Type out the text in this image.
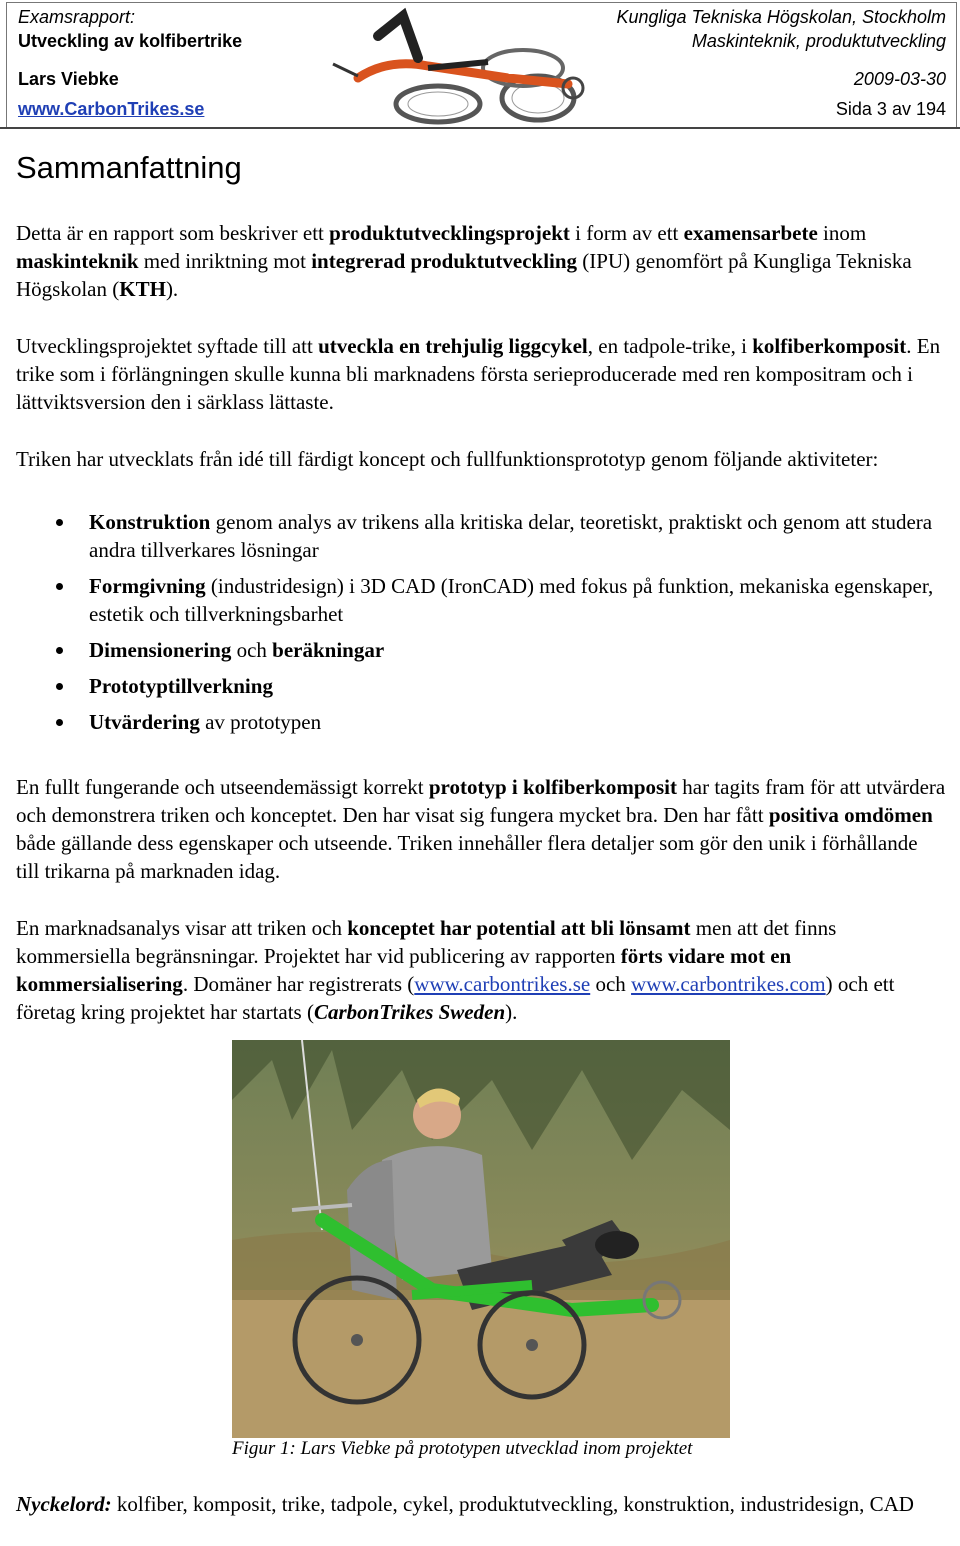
Examsrapport:
Utveckling av kolfibertrike
Lars Viebke
www.CarbonTrikes.se
Kungliga Tekniska Högskolan, Stockholm
Maskinteknik, produktutveckling
2009-03-30
Sida 3 av 194
Sammanfattning

Detta är en rapport som beskriver ett produktutvecklingsprojekt i form av ett examensarbete inom maskinteknik med inriktning mot integrerad produktutveckling (IPU) genomfört på Kungliga Tekniska Högskolan (KTH).

Utvecklingsprojektet syftade till att utveckla en trehjulig liggcykel, en tadpole-trike, i kolfiberkomposit. En trike som i förlängningen skulle kunna bli marknadens första serieproducerade med ren kompositram och i lättviktsversion den i särklass lättaste.

Triken har utvecklats från idé till färdigt koncept och fullfunktionsprototyp genom följande aktiviteter:

Konstruktion genom analys av trikens alla kritiska delar, teoretiskt, praktiskt och genom att studera andra tillverkares lösningar
Formgivning (industridesign) i 3D CAD (IronCAD) med fokus på funktion, mekaniska egenskaper, estetik och tillverkningsbarhet
Dimensionering och beräkningar
Prototyptillverkning
Utvärdering av prototypen

En fullt fungerande och utseendemässigt korrekt prototyp i kolfiberkomposit har tagits fram för att utvärdera och demonstrera triken och konceptet. Den har visat sig fungera mycket bra. Den har fått positiva omdömen både gällande dess egenskaper och utseende. Triken innehåller flera detaljer som gör den unik i förhållande till trikarna på marknaden idag.

En marknadsanalys visar att triken och konceptet har potential att bli lönsamt men att det finns kommersiella begränsningar. Projektet har vid publicering av rapporten förts vidare mot en kommersialisering. Domäner har registrerats (www.carbontrikes.se och www.carbontrikes.com) och ett företag kring projektet har startats (CarbonTrikes Sweden).

Figur 1: Lars Viebke på prototypen utvecklad inom projektet
Nyckelord: kolfiber, komposit, trike, tadpole, cykel, produktutveckling, konstruktion, industridesign, CAD
